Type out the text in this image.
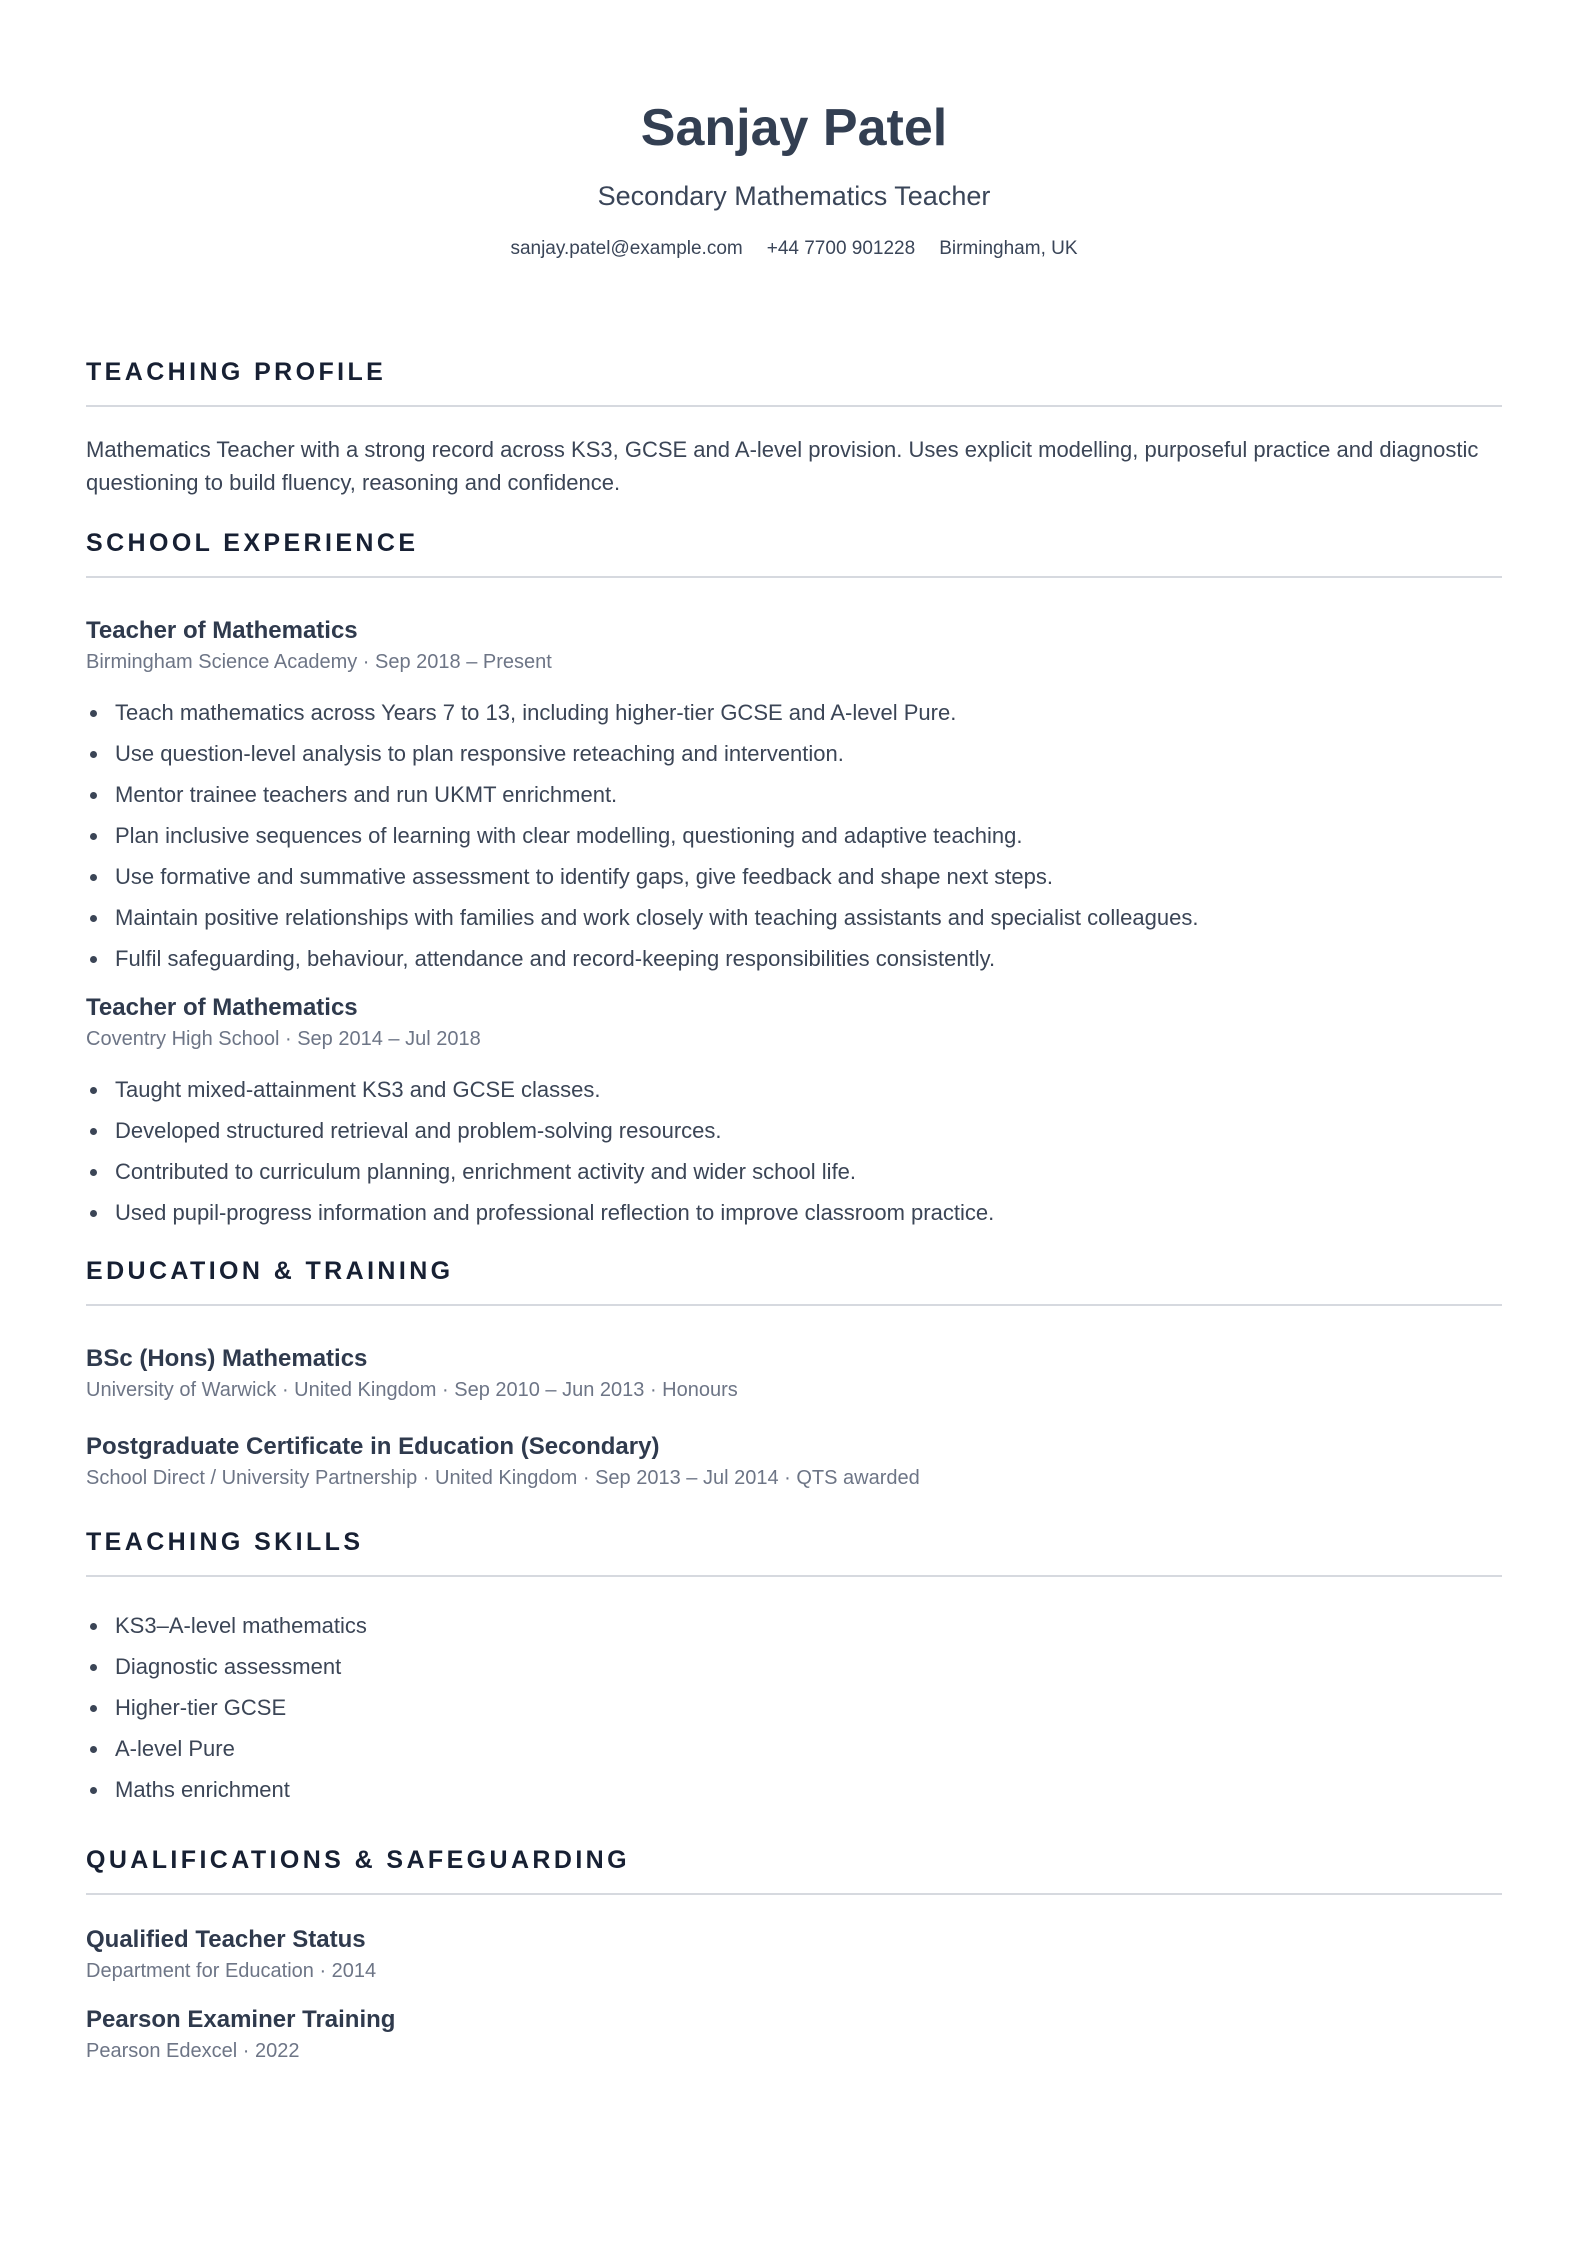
Sanjay Patel
Secondary Mathematics Teacher
sanjay.patel@example.com +44 7700 901228 Birmingham, UK
TEACHING PROFILE
Mathematics Teacher with a strong record across KS3, GCSE and A-level provision. Uses explicit modelling, purposeful practice and diagnostic questioning to build fluency, reasoning and confidence.
SCHOOL EXPERIENCE
Teacher of Mathematics
Birmingham Science Academy · Sep 2018 – Present
Teach mathematics across Years 7 to 13, including higher-tier GCSE and A-level Pure.
Use question-level analysis to plan responsive reteaching and intervention.
Mentor trainee teachers and run UKMT enrichment.
Plan inclusive sequences of learning with clear modelling, questioning and adaptive teaching.
Use formative and summative assessment to identify gaps, give feedback and shape next steps.
Maintain positive relationships with families and work closely with teaching assistants and specialist colleagues.
Fulfil safeguarding, behaviour, attendance and record-keeping responsibilities consistently.
Teacher of Mathematics
Coventry High School · Sep 2014 – Jul 2018
Taught mixed-attainment KS3 and GCSE classes.
Developed structured retrieval and problem-solving resources.
Contributed to curriculum planning, enrichment activity and wider school life.
Used pupil-progress information and professional reflection to improve classroom practice.
EDUCATION & TRAINING
BSc (Hons) Mathematics
University of Warwick · United Kingdom · Sep 2010 – Jun 2013 · Honours
Postgraduate Certificate in Education (Secondary)
School Direct / University Partnership · United Kingdom · Sep 2013 – Jul 2014 · QTS awarded
TEACHING SKILLS
KS3–A-level mathematics
Diagnostic assessment
Higher-tier GCSE
A-level Pure
Maths enrichment
QUALIFICATIONS & SAFEGUARDING
Qualified Teacher Status
Department for Education · 2014
Pearson Examiner Training
Pearson Edexcel · 2022
